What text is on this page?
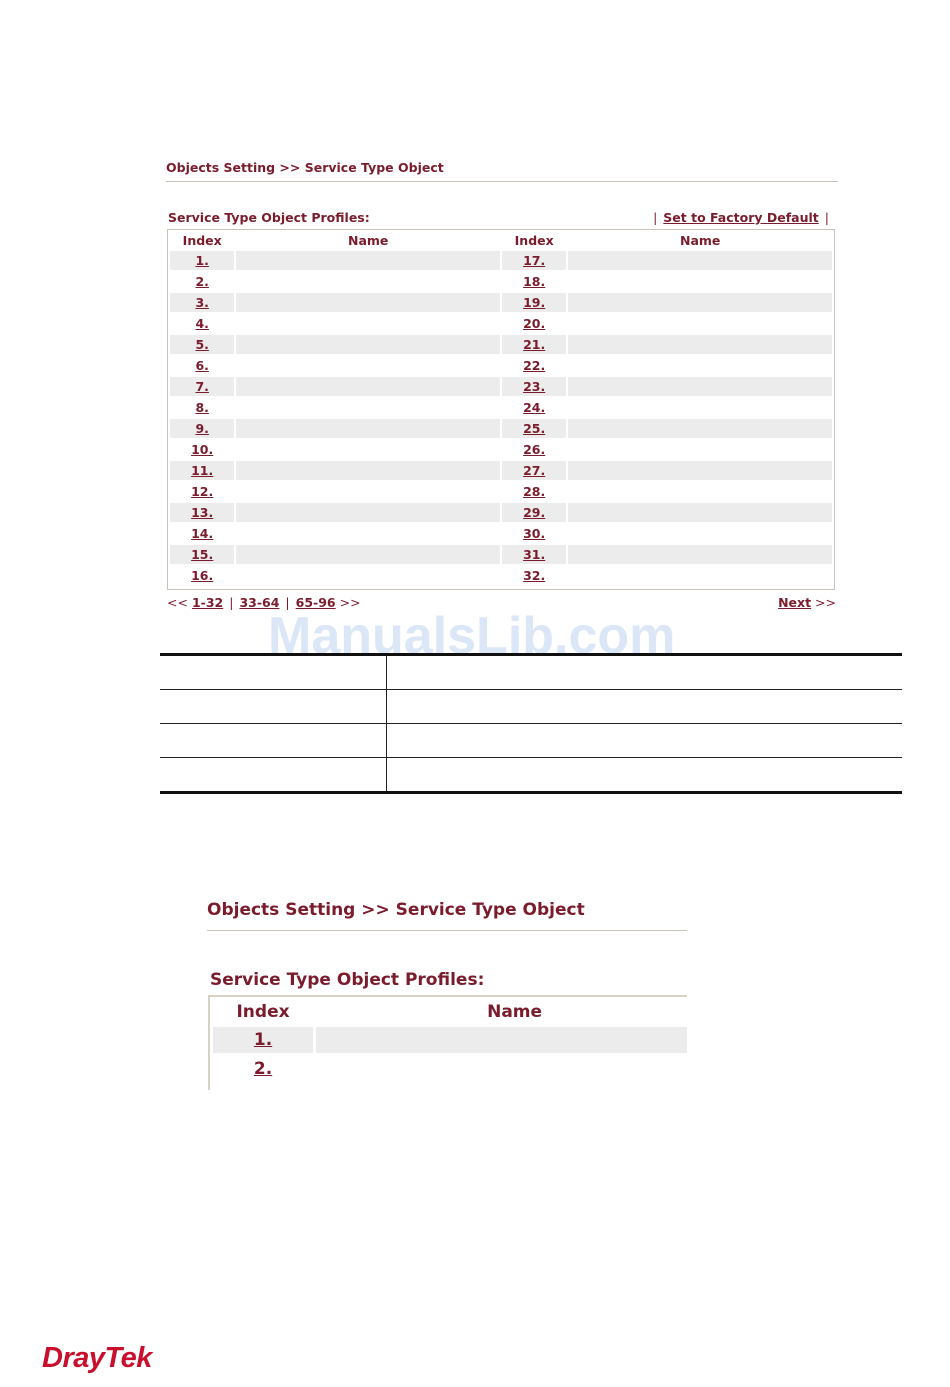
Objects Setting >> Service Type Object
Service Type Object Profiles:	| Set to Factory Default |
Index	Name	Index	Name
1.		17.	
2.		18.	
3.		19.	
4.		20.	
5.		21.	
6.		22.	
7.		23.	
8.		24.	
9.		25.	
10.		26.	
11.		27.	
12.		28.	
13.		29.	
14.		30.	
15.		31.	
16.		32.	
<< 1-32 | 33-64 | 65-96 >>	Next >>
ManualsLib.com

Objects Setting >> Service Type Object
Service Type Object Profiles:
Index	Name	
1.		
2.		
DrayTek
